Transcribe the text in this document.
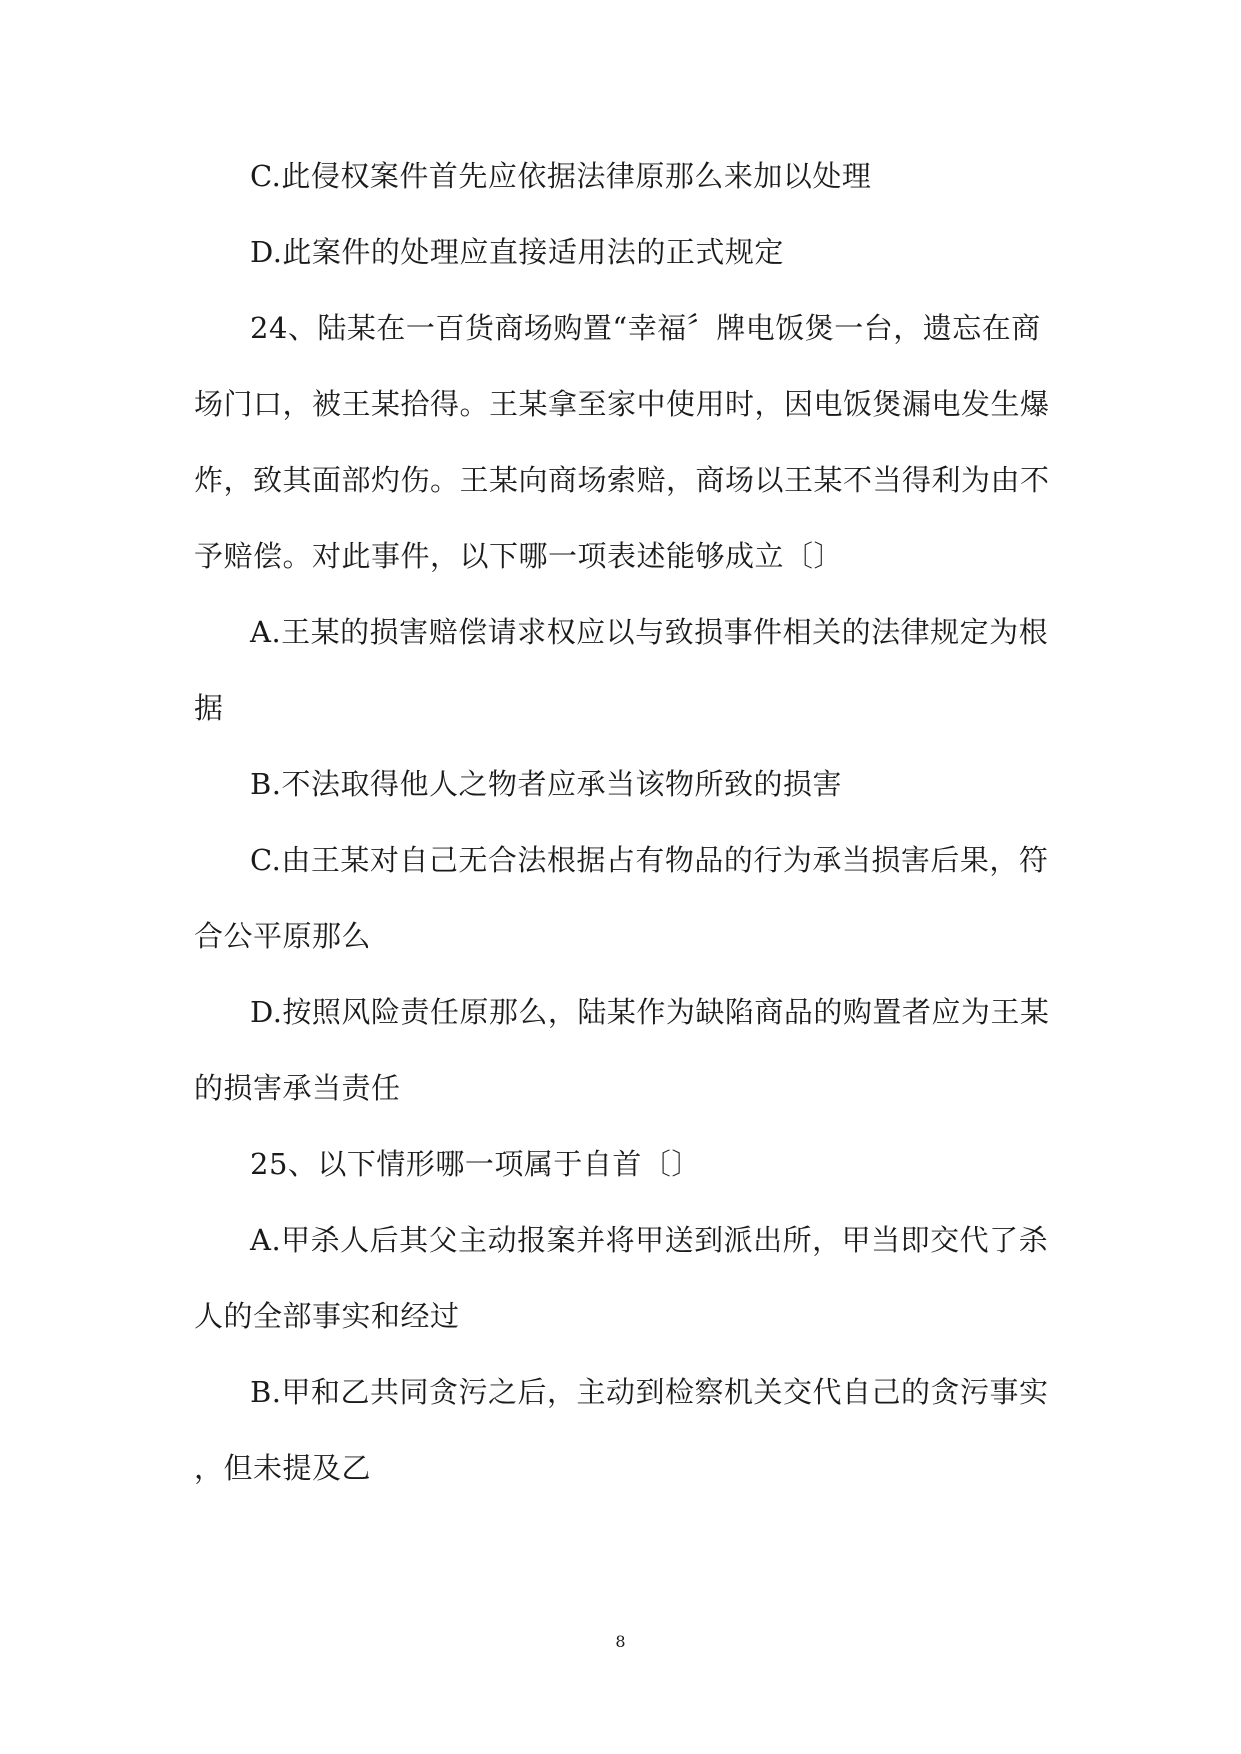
C.此侵权案件首先应依据法律原那么来加以处理
D.此案件的处理应直接适用法的正式规定
24、陆某在一百货商场购置“幸福〞牌电饭煲一台，遗忘在商
场门口，被王某拾得。王某拿至家中使用时，因电饭煲漏电发生爆
炸，致其面部灼伤。王某向商场索赔，商场以王某不当得利为由不
予赔偿。对此事件，以下哪一项表述能够成立〔〕
A.王某的损害赔偿请求权应以与致损事件相关的法律规定为根
据
B.不法取得他人之物者应承当该物所致的损害
C.由王某对自己无合法根据占有物品的行为承当损害后果，符
合公平原那么
D.按照风险责任原那么，陆某作为缺陷商品的购置者应为王某
的损害承当责任
25、以下情形哪一项属于自首〔〕
A.甲杀人后其父主动报案并将甲送到派出所，甲当即交代了杀
人的全部事实和经过
B.甲和乙共同贪污之后，主动到检察机关交代自己的贪污事实
，但未提及乙
8
